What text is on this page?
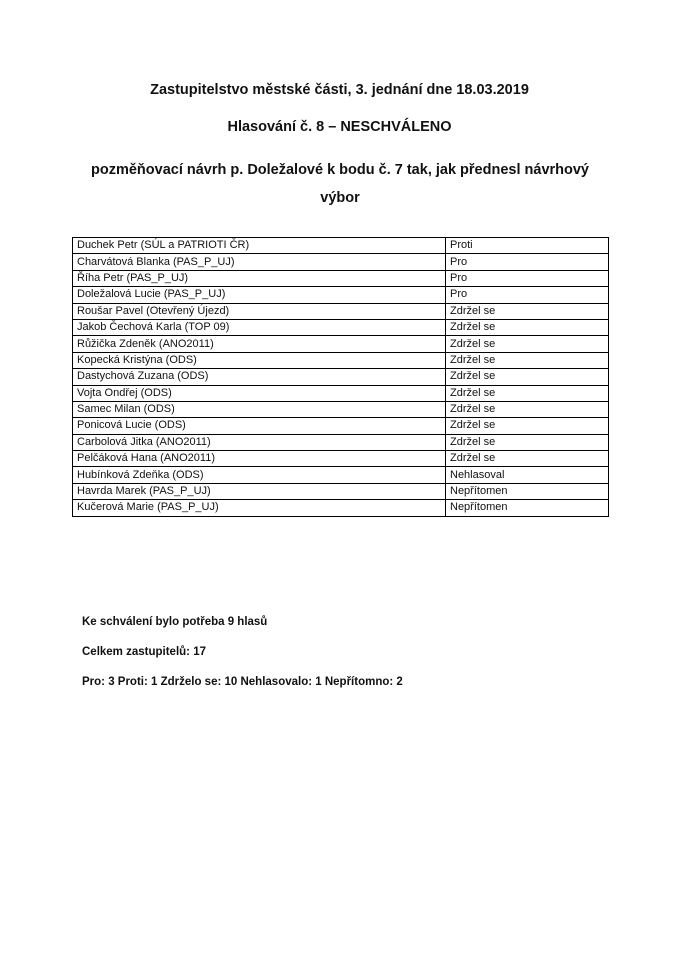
Zastupitelstvo městské části, 3. jednání dne 18.03.2019
Hlasování č. 8 – NESCHVÁLENO
pozměňovací návrh p. Doležalové k bodu č. 7 tak, jak přednesl návrhový výbor
Duchek Petr (SÚL a PATRIOTI ČR)	Proti
Charvátová Blanka (PAS_P_UJ)	Pro
Říha Petr (PAS_P_UJ)	Pro
Doležalová Lucie (PAS_P_UJ)	Pro
Roušar Pavel (Otevřený Újezd)	Zdržel se
Jakob Čechová Karla (TOP 09)	Zdržel se
Růžička Zdeněk (ANO2011)	Zdržel se
Kopecká Kristýna (ODS)	Zdržel se
Dastychová Zuzana (ODS)	Zdržel se
Vojta Ondřej (ODS)	Zdržel se
Samec Milan (ODS)	Zdržel se
Ponicová Lucie (ODS)	Zdržel se
Carbolová Jitka (ANO2011)	Zdržel se
Pelčáková Hana (ANO2011)	Zdržel se
Hubínková Zdeňka (ODS)	Nehlasoval
Havrda Marek (PAS_P_UJ)	Nepřítomen
Kučerová Marie (PAS_P_UJ)	Nepřítomen
Ke schválení bylo potřeba 9 hlasů
Celkem zastupitelů: 17
Pro: 3 Proti: 1 Zdrželo se: 10 Nehlasovalo: 1 Nepřítomno: 2
